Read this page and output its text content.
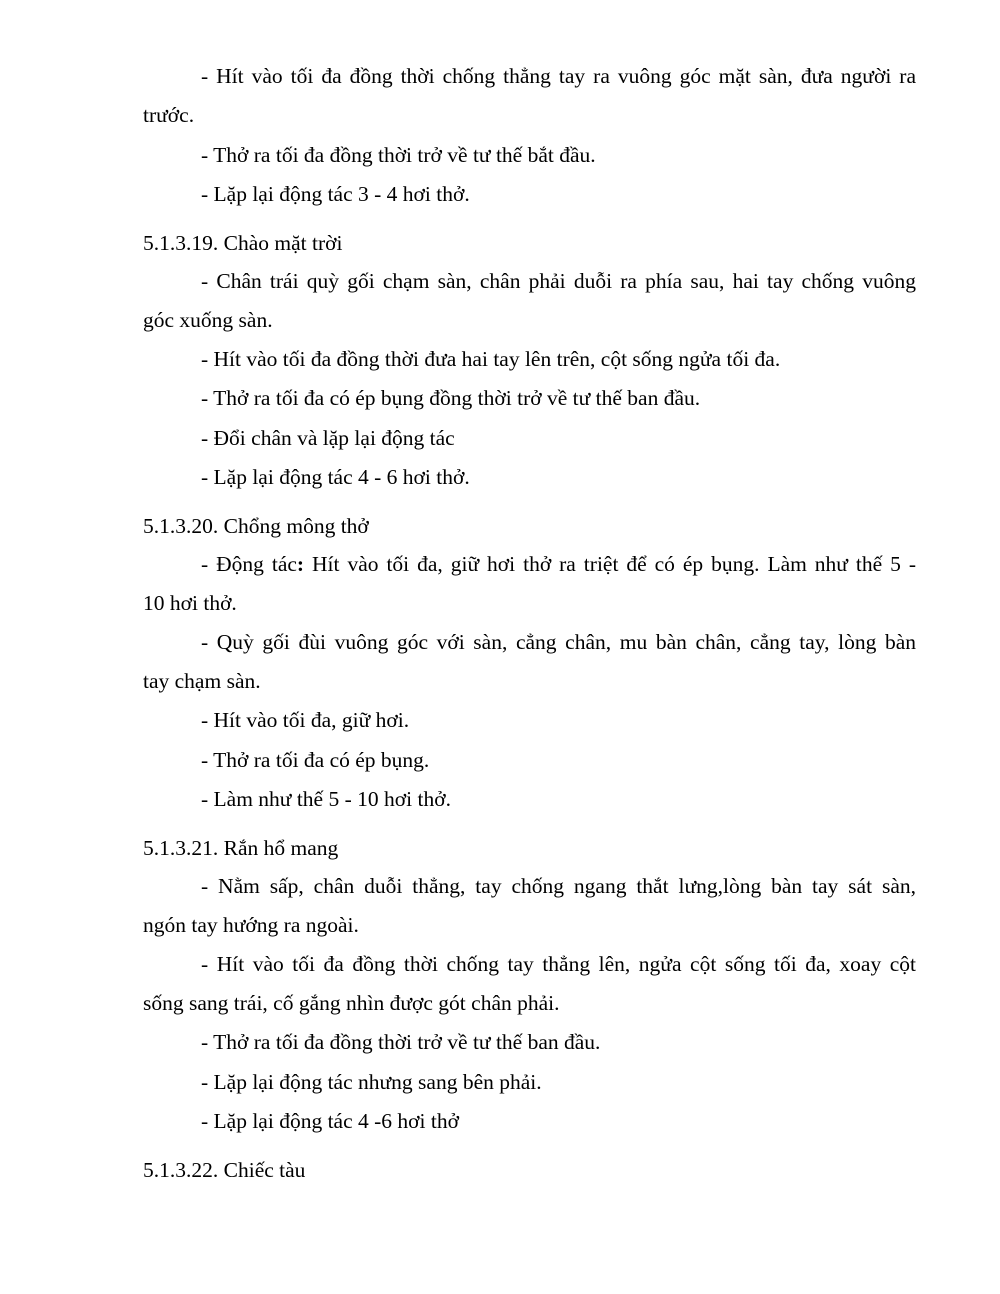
- Hít vào tối đa đồng thời chống thẳng tay ra vuông góc mặt sàn, đưa người ra
trước.
- Thở ra tối đa đồng thời trở về tư thế bắt đầu.
- Lặp lại động tác 3 - 4 hơi thở.
5.1.3.19. Chào mặt trời
- Chân trái quỳ gối chạm sàn, chân phải duỗi ra phía sau, hai tay chống vuông
góc xuống sàn.
- Hít vào tối đa đồng thời đưa hai tay lên trên, cột sống ngửa tối đa.
- Thở ra tối đa có ép bụng đồng thời trở về tư thế ban đầu.
- Đổi chân và lặp lại động tác
- Lặp lại động tác 4 - 6 hơi thở.
5.1.3.20. Chổng mông thở
- Động tác: Hít vào tối đa, giữ hơi thở ra triệt để có ép bụng. Làm như thế 5 -
10 hơi thở.
- Quỳ gối đùi vuông góc với sàn, cẳng chân, mu bàn chân, cẳng tay, lòng bàn
tay chạm sàn.
- Hít vào tối đa, giữ hơi.
- Thở ra tối đa có ép bụng.
- Làm như thế 5 - 10 hơi thở.
5.1.3.21. Rắn hổ mang
- Nằm sấp, chân duỗi thẳng, tay chống ngang thắt lưng,lòng bàn tay sát sàn,
ngón tay hướng ra ngoài.
- Hít vào tối đa đồng thời chống tay thẳng lên, ngửa cột sống tối đa, xoay cột
sống sang trái, cố gắng nhìn được gót chân phải.
- Thở ra tối đa đồng thời trở về tư thế ban đầu.
- Lặp lại động tác nhưng sang bên phải.
- Lặp lại động tác 4 -6 hơi thở
5.1.3.22. Chiếc tàu
